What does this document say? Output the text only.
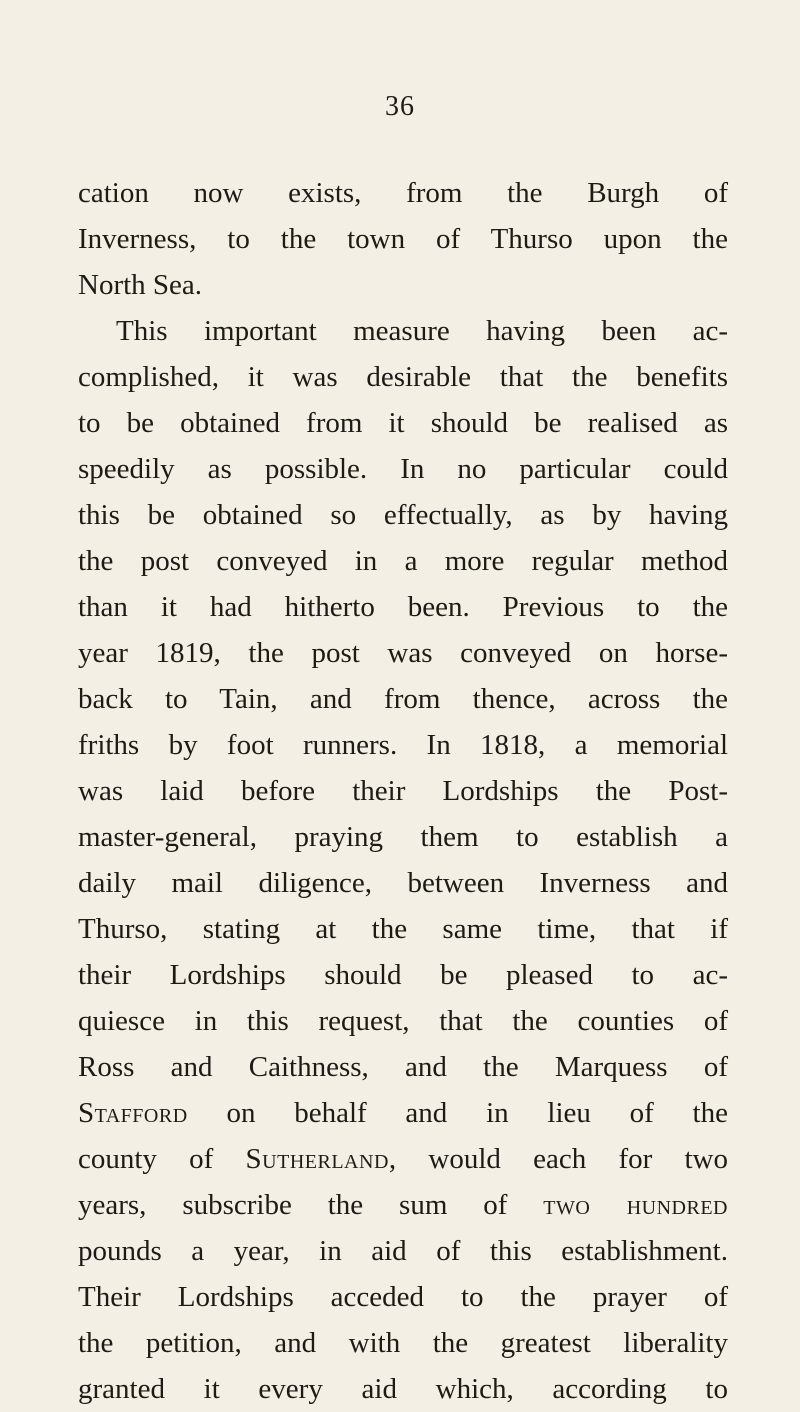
36
cation now exists, from the Burgh of
Inverness, to the town of Thurso upon the
North Sea.
This important measure having been ac-
complished, it was desirable that the benefits
to be obtained from it should be realised as
speedily as possible. In no particular could
this be obtained so effectually, as by having
the post conveyed in a more regular method
than it had hitherto been. Previous to the
year 1819, the post was conveyed on horse-
back to Tain, and from thence, across the
friths by foot runners. In 1818, a memorial
was laid before their Lordships the Post-
master-general, praying them to establish a
daily mail diligence, between Inverness and
Thurso, stating at the same time, that if
their Lordships should be pleased to ac-
quiesce in this request, that the counties of
Ross and Caithness, and the Marquess of
Stafford on behalf and in lieu of the
county of Sutherland, would each for two
years, subscribe the sum of two hundred
pounds a year, in aid of this establishment.
Their Lordships acceded to the prayer of
the petition, and with the greatest liberality
granted it every aid which, according to
